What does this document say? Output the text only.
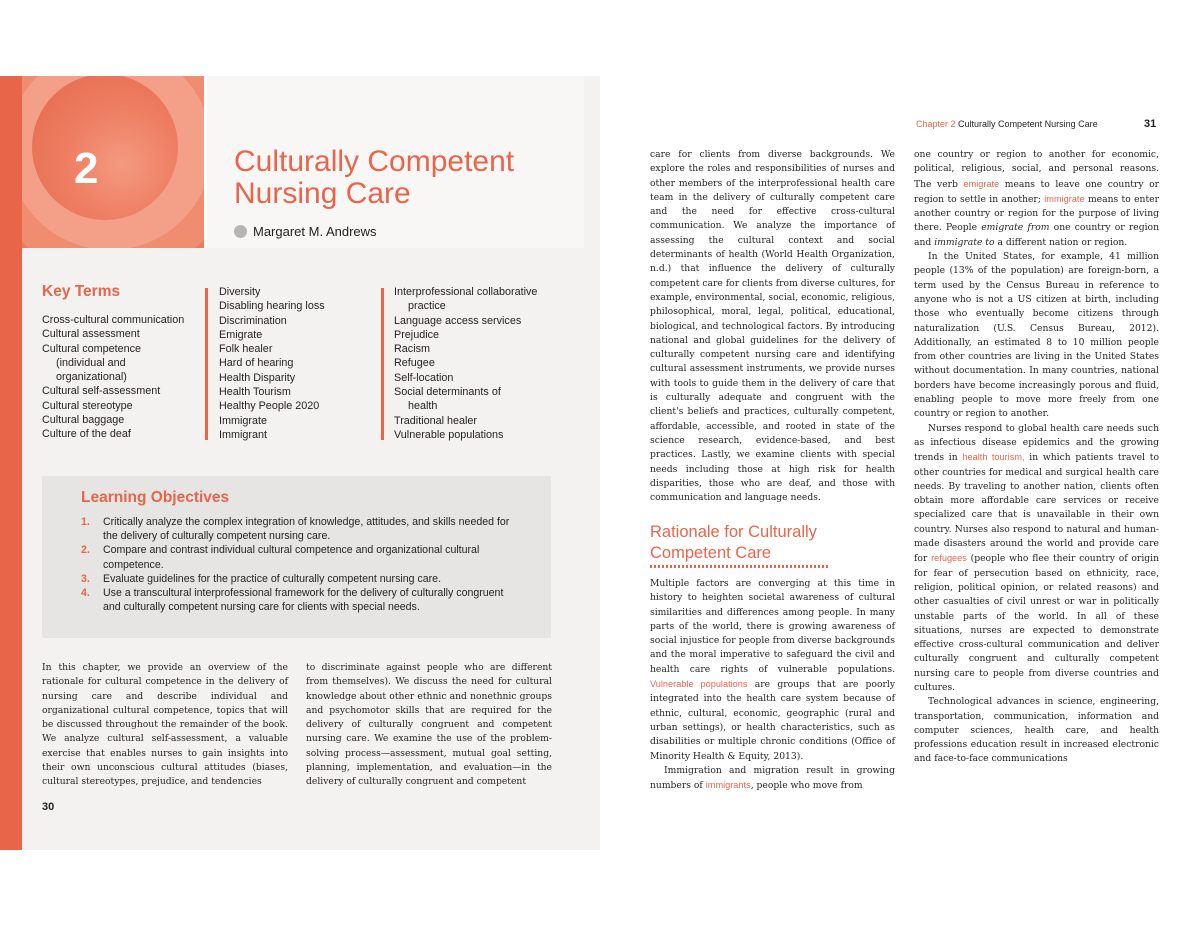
2	Culturally Competent
Nursing Care
Margaret M. Andrews
Key Terms
Cross-cultural communication
Cultural assessment
Cultural competence
(individual and
organizational)
Cultural self-assessment
Cultural stereotype
Cultural baggage
Culture of the deaf
Diversity
Disabling hearing loss
Discrimination
Emigrate
Folk healer
Hard of hearing
Health Disparity
Health Tourism
Healthy People 2020
Immigrate
Immigrant
Interprofessional collaborative
practice
Language access services
Prejudice
Racism
Refugee
Self-location
Social determinants of
health
Traditional healer
Vulnerable populations
Learning Objectives
1.	Critically analyze the complex integration of knowledge, attitudes, and skills needed for the delivery of culturally competent nursing care.
2.	Compare and contrast individual cultural competence and organizational cultural competence.
3.	Evaluate guidelines for the practice of culturally competent nursing care.
4.	Use a transcultural interprofessional framework for the delivery of culturally congruent and culturally competent nursing care for clients with special needs.
In this chapter, we provide an overview of the rationale for cultural competence in the delivery of nursing care and describe individual and organizational cultural competence, topics that will be discussed throughout the remainder of the book. We analyze cultural self-assessment, a valuable exercise that enables nurses to gain insights into their own unconscious cultural attitudes (biases, cultural stereotypes, prejudice, and tendencies
to discriminate against people who are different from themselves). We discuss the need for cultural knowledge about other ethnic and nonethnic groups and psychomotor skills that are required for the delivery of culturally congruent and competent nursing care. We examine the use of the problem-solving process—assessment, mutual goal setting, planning, implementation, and evaluation—in the delivery of culturally congruent and competent
30
Chapter 2 Culturally Competent Nursing Care	31

care for clients from diverse backgrounds. We explore the roles and responsibilities of nurses and other members of the interprofessional health care team in the delivery of culturally competent care and the need for effective cross-cultural communication. We analyze the importance of assessing the cultural context and social determinants of health (World Health Organization, n.d.) that influence the delivery of culturally competent care for clients from diverse cultures, for example, environmental, social, economic, religious, philosophical, moral, legal, political, educational, biological, and technological factors. By introducing national and global guidelines for the delivery of culturally competent nursing care and identifying cultural assessment instruments, we provide nurses with tools to guide them in the delivery of care that is culturally adequate and congruent with the client's beliefs and practices, culturally competent, affordable, accessible, and rooted in state of the science research, evidence-based, and best practices. Lastly, we examine clients with special needs including those at high risk for health disparities, those who are deaf, and those with communication and language needs.

Rationale for Culturally
Competent Care

Multiple factors are converging at this time in history to heighten societal awareness of cultural similarities and differences among people. In many parts of the world, there is growing awareness of social injustice for people from diverse backgrounds and the moral imperative to safeguard the civil and health care rights of vulnerable populations. Vulnerable populations are groups that are poorly integrated into the health care system because of ethnic, cultural, economic, geographic (rural and urban settings), or health characteristics, such as disabilities or multiple chronic conditions (Office of Minority Health & Equity, 2013).

Immigration and migration result in growing numbers of immigrants, people who move from

one country or region to another for economic, political, religious, social, and personal reasons. The verb emigrate means to leave one country or region to settle in another; immigrate means to enter another country or region for the purpose of living there. People emigrate from one country or region and immigrate to a different nation or region.

In the United States, for example, 41 million people (13% of the population) are foreign-born, a term used by the Census Bureau in reference to anyone who is not a US citizen at birth, including those who eventually become citizens through naturalization (U.S. Census Bureau, 2012). Additionally, an estimated 8 to 10 million people from other countries are living in the United States without documentation. In many countries, national borders have become increasingly porous and fluid, enabling people to move more freely from one country or region to another.

Nurses respond to global health care needs such as infectious disease epidemics and the growing trends in health tourism, in which patients travel to other countries for medical and surgical health care needs. By traveling to another nation, clients often obtain more affordable care services or receive specialized care that is unavailable in their own country. Nurses also respond to natural and human-made disasters around the world and provide care for refugees (people who flee their country of origin for fear of persecution based on ethnicity, race, religion, political opinion, or related reasons) and other casualties of civil unrest or war in politically unstable parts of the world. In all of these situations, nurses are expected to demonstrate effective cross-cultural communication and deliver culturally congruent and culturally competent nursing care to people from diverse countries and cultures.

Technological advances in science, engineering, transportation, communication, information and computer sciences, health care, and health professions education result in increased electronic and face-to-face communications
